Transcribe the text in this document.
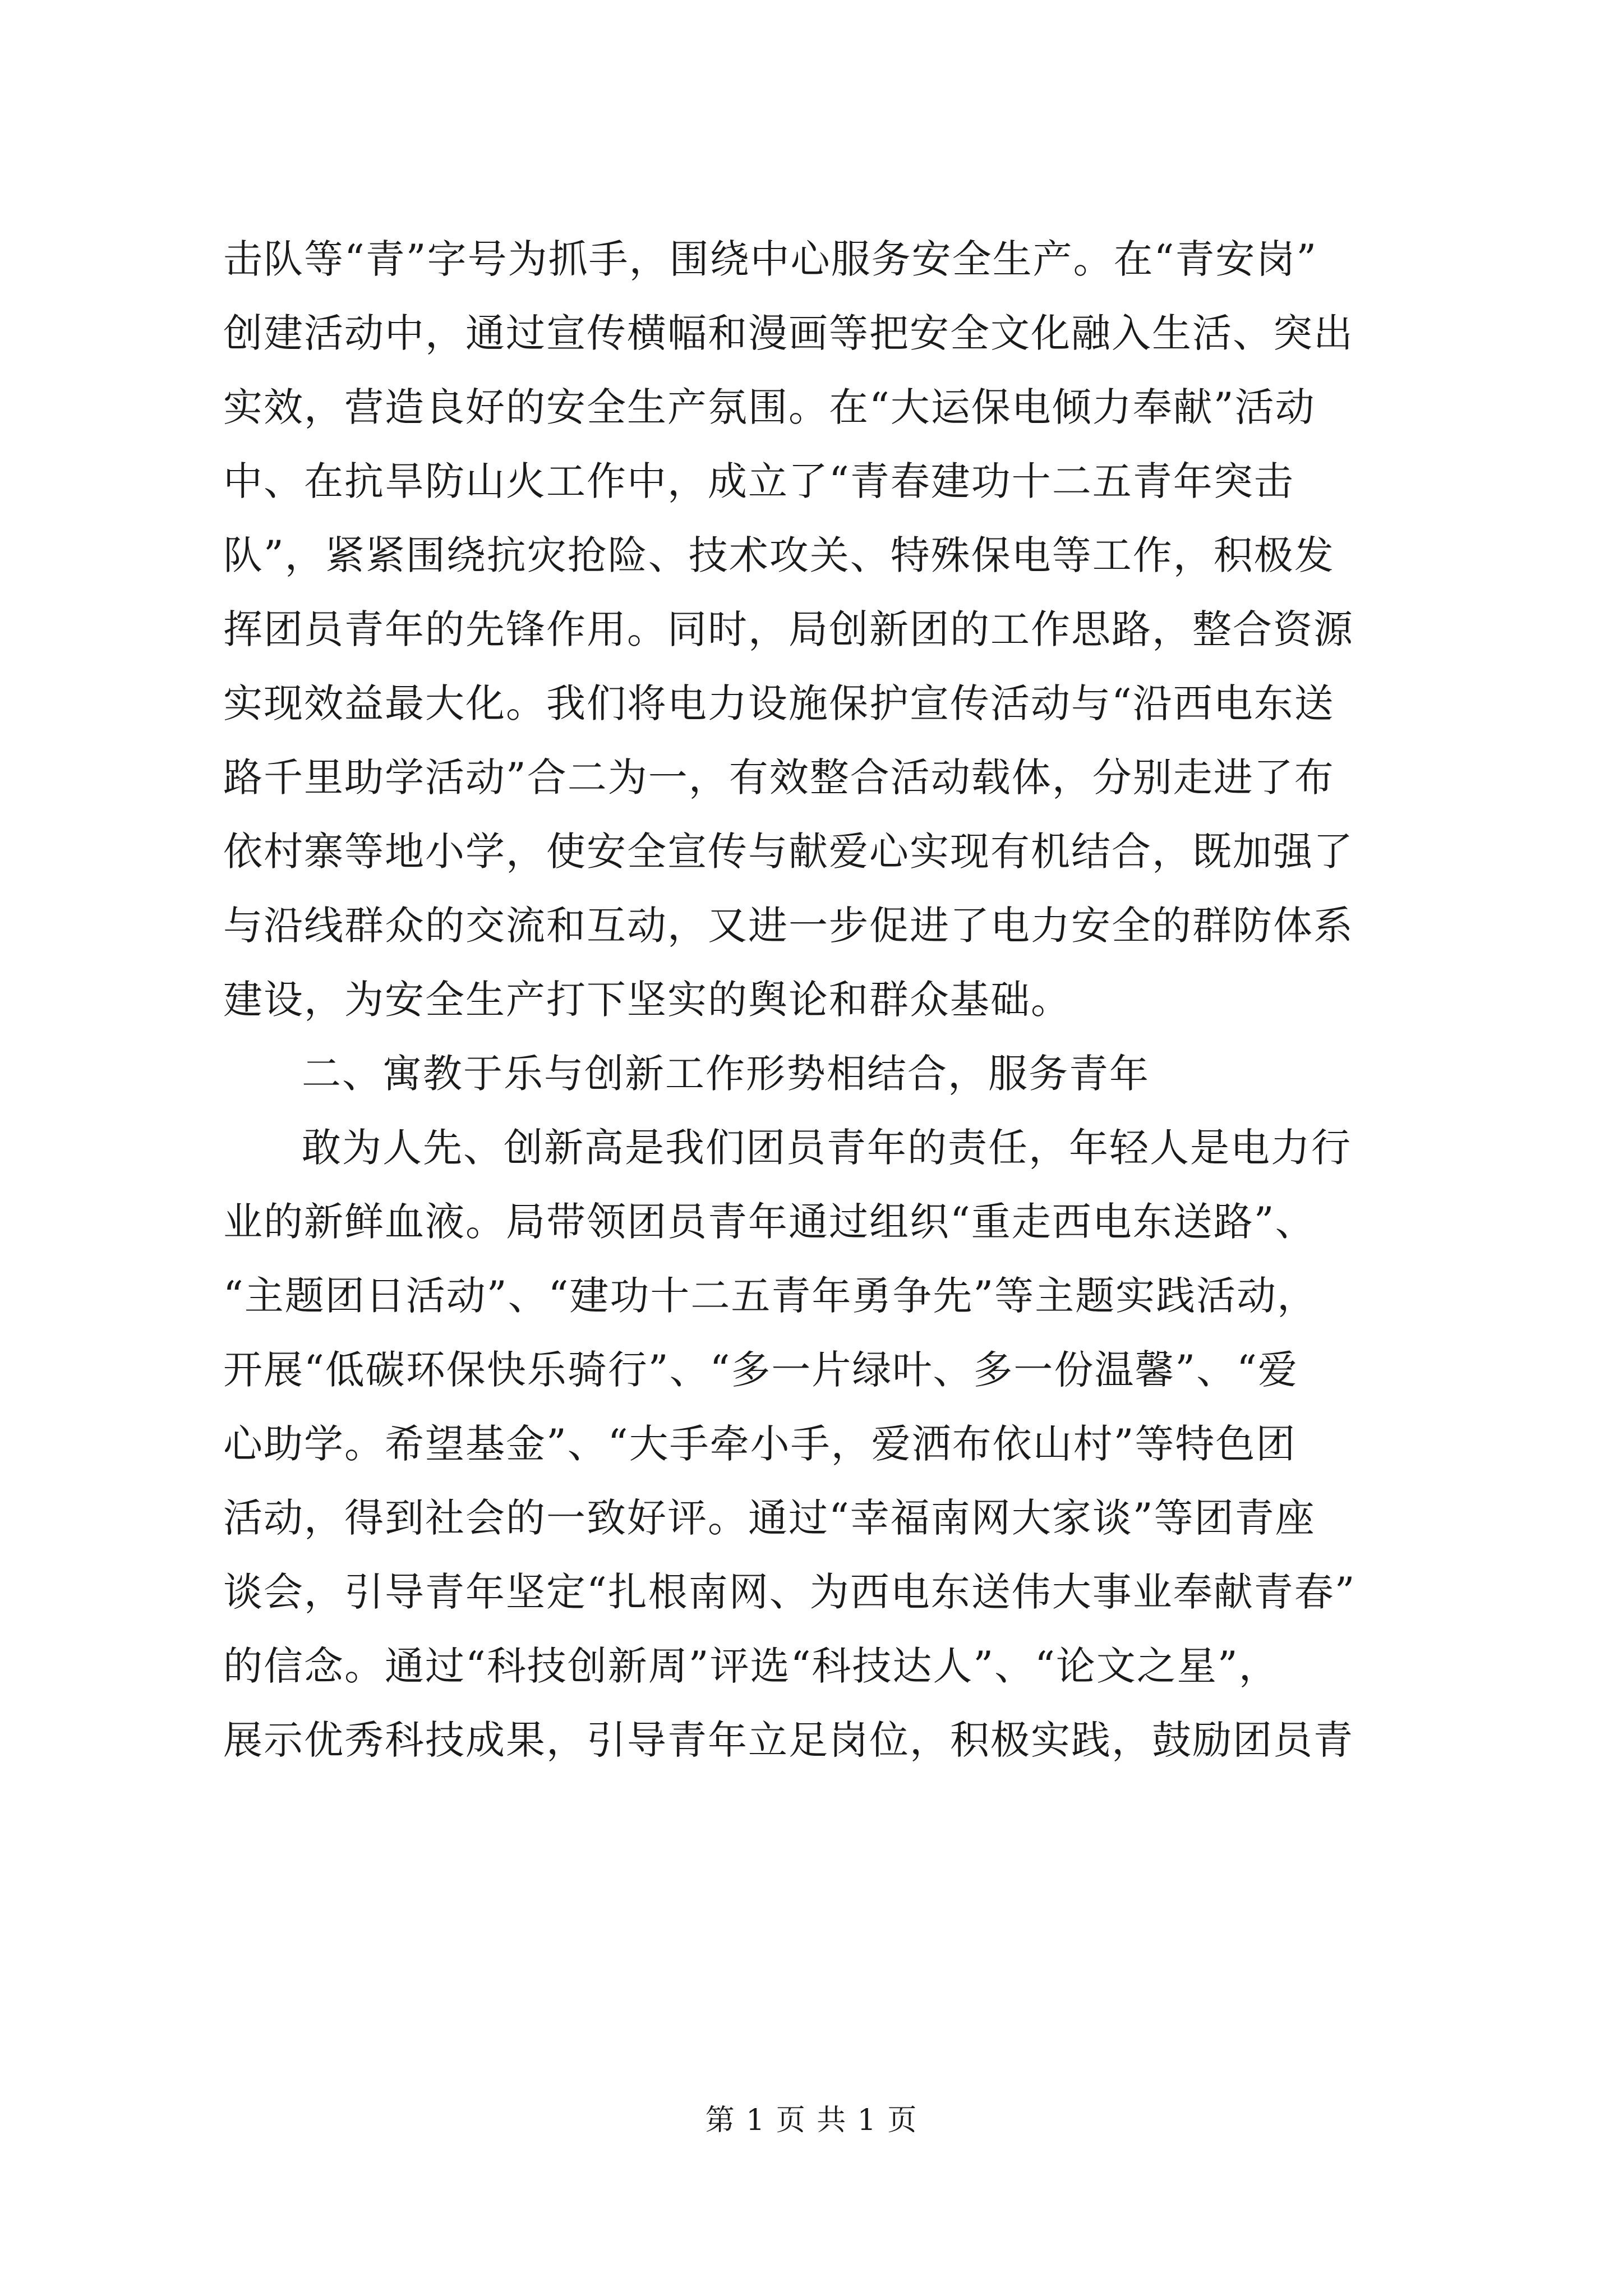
击队等“青”字号为抓手，围绕中心服务安全生产。在“青安岗”
创建活动中，通过宣传横幅和漫画等把安全文化融入生活、突出
实效，营造良好的安全生产氛围。在“大运保电倾力奉献”活动
中、在抗旱防山火工作中，成立了“青春建功十二五青年突击
队”，紧紧围绕抗灾抢险、技术攻关、特殊保电等工作，积极发
挥团员青年的先锋作用。同时，局创新团的工作思路，整合资源
实现效益最大化。我们将电力设施保护宣传活动与“沿西电东送
路千里助学活动”合二为一，有效整合活动载体，分别走进了布
依村寨等地小学，使安全宣传与献爱心实现有机结合，既加强了
与沿线群众的交流和互动，又进一步促进了电力安全的群防体系
建设，为安全生产打下坚实的舆论和群众基础。
二、寓教于乐与创新工作形势相结合，服务青年
敢为人先、创新高是我们团员青年的责任，年轻人是电力行
业的新鲜血液。局带领团员青年通过组织“重走西电东送路”、
“主题团日活动”、“建功十二五青年勇争先”等主题实践活动，
开展“低碳环保快乐骑行”、“多一片绿叶、多一份温馨”、“爱
心助学。希望基金”、“大手牵小手，爱洒布依山村”等特色团
活动，得到社会的一致好评。通过“幸福南网大家谈”等团青座
谈会，引导青年坚定“扎根南网、为西电东送伟大事业奉献青春”
的信念。通过“科技创新周”评选“科技达人”、“论文之星”，
展示优秀科技成果，引导青年立足岗位，积极实践，鼓励团员青
第 1 页 共 1 页
